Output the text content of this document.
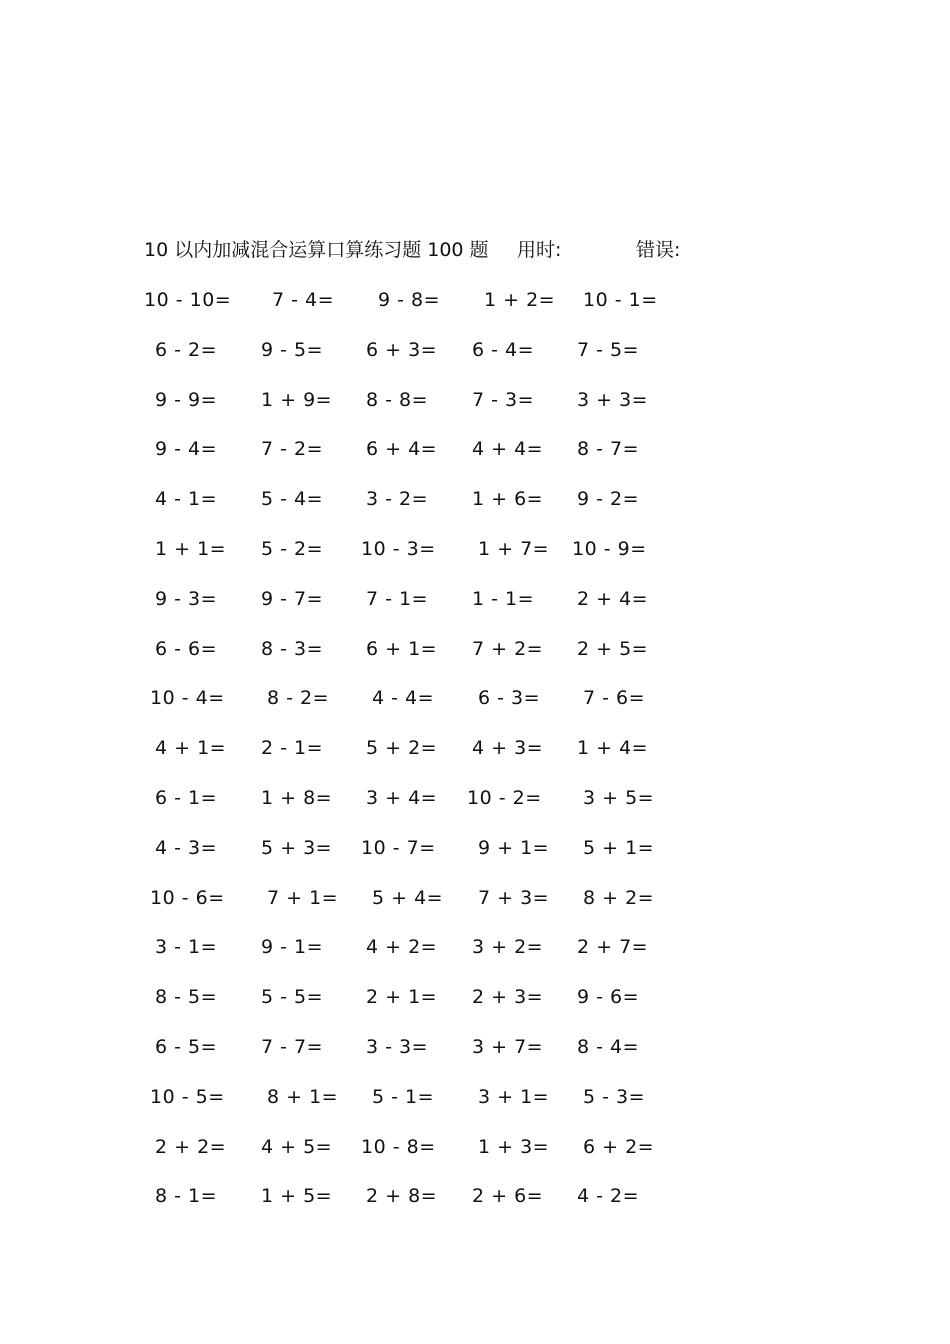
10 以内加减混合运算口算练习题 100 题 用时:	错误:
10 - 10= 7 - 4= 9 - 8= 1 + 2= 10 - 1=
6 - 2= 9 - 5= 6 + 3= 6 - 4= 7 - 5=
9 - 9= 1 + 9= 8 - 8= 7 - 3= 3 + 3=
9 - 4= 7 - 2= 6 + 4= 4 + 4= 8 - 7=
4 - 1= 5 - 4= 3 - 2= 1 + 6= 9 - 2=
1 + 1= 5 - 2= 10 - 3= 1 + 7= 10 - 9=
9 - 3= 9 - 7= 7 - 1= 1 - 1= 2 + 4=
6 - 6= 8 - 3= 6 + 1= 7 + 2= 2 + 5=
10 - 4= 8 - 2= 4 - 4= 6 - 3= 7 - 6=
4 + 1= 2 - 1= 5 + 2= 4 + 3= 1 + 4=
6 - 1= 1 + 8= 3 + 4= 10 - 2= 3 + 5=
4 - 3= 5 + 3= 10 - 7= 9 + 1= 5 + 1=
10 - 6= 7 + 1= 5 + 4= 7 + 3= 8 + 2=
3 - 1= 9 - 1= 4 + 2= 3 + 2= 2 + 7=
8 - 5= 5 - 5= 2 + 1= 2 + 3= 9 - 6=
6 - 5= 7 - 7= 3 - 3= 3 + 7= 8 - 4=
10 - 5= 8 + 1= 5 - 1= 3 + 1= 5 - 3=
2 + 2= 4 + 5= 10 - 8= 1 + 3= 6 + 2=
8 - 1= 1 + 5= 2 + 8= 2 + 6= 4 - 2=
